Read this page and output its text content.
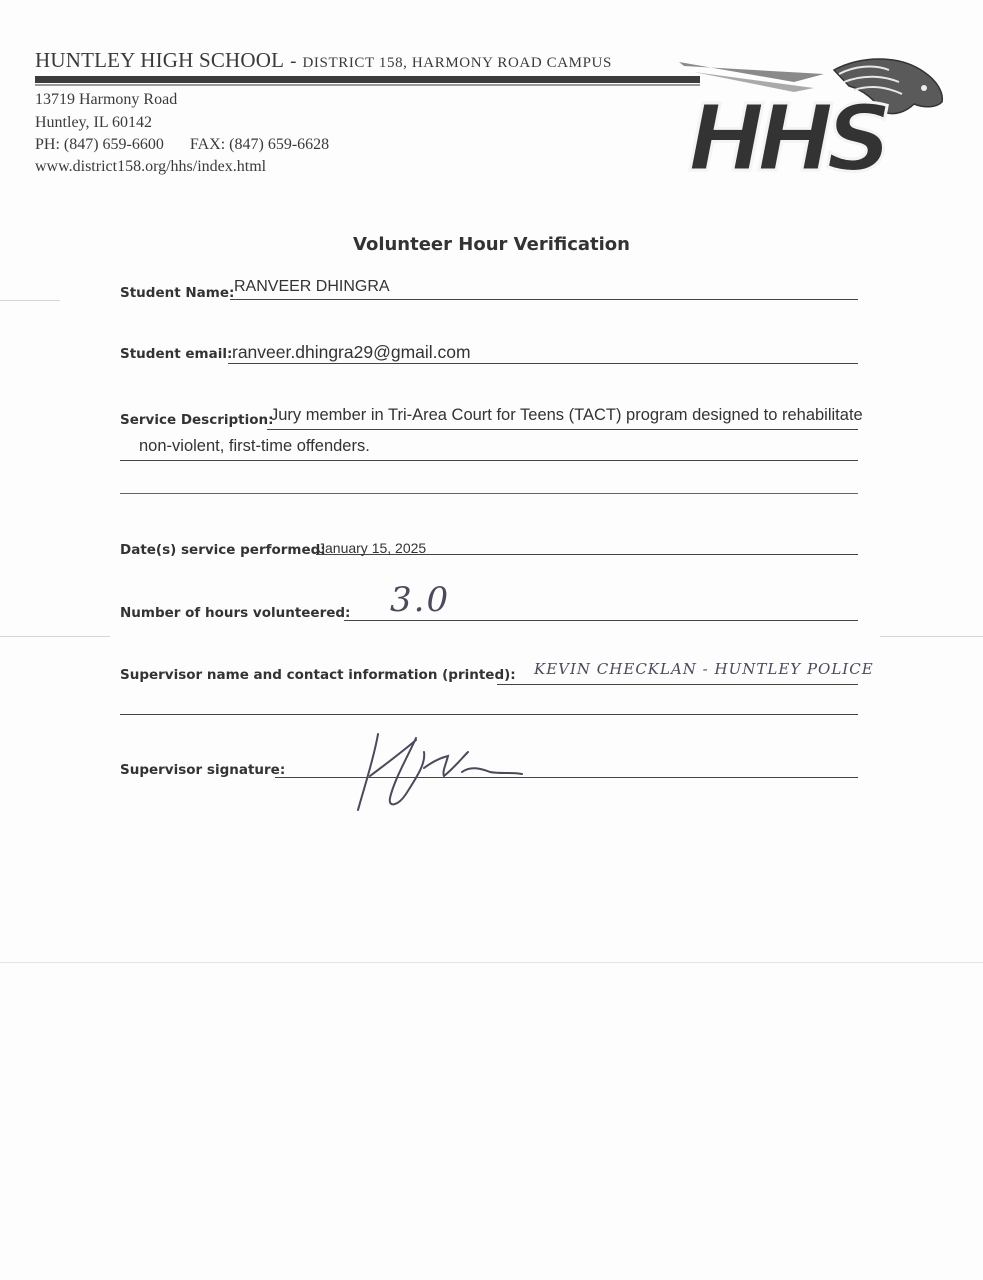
HUNTLEY HIGH SCHOOL - DISTRICT 158, HARMONY ROAD CAMPUS
13719 Harmony Road
Huntley, IL 60142
PH: (847) 659-6600 FAX: (847) 659-6628
www.district158.org/hhs/index.html	HHS
Volunteer Hour Verification
Student Name: RANVEER DHINGRA
Student email: ranveer.dhingra29@gmail.com
Service Description:
Jury member in Tri-Area Court for Teens (TACT) program designed to rehabilitate
non-violent, first-time offenders.
Date(s) service performed:
January 15, 2025
Number of hours volunteered: 3.0
Supervisor name and contact information (printed): KEVIN CHECKLAN - HUNTLEY POLICE
Supervisor signature:
